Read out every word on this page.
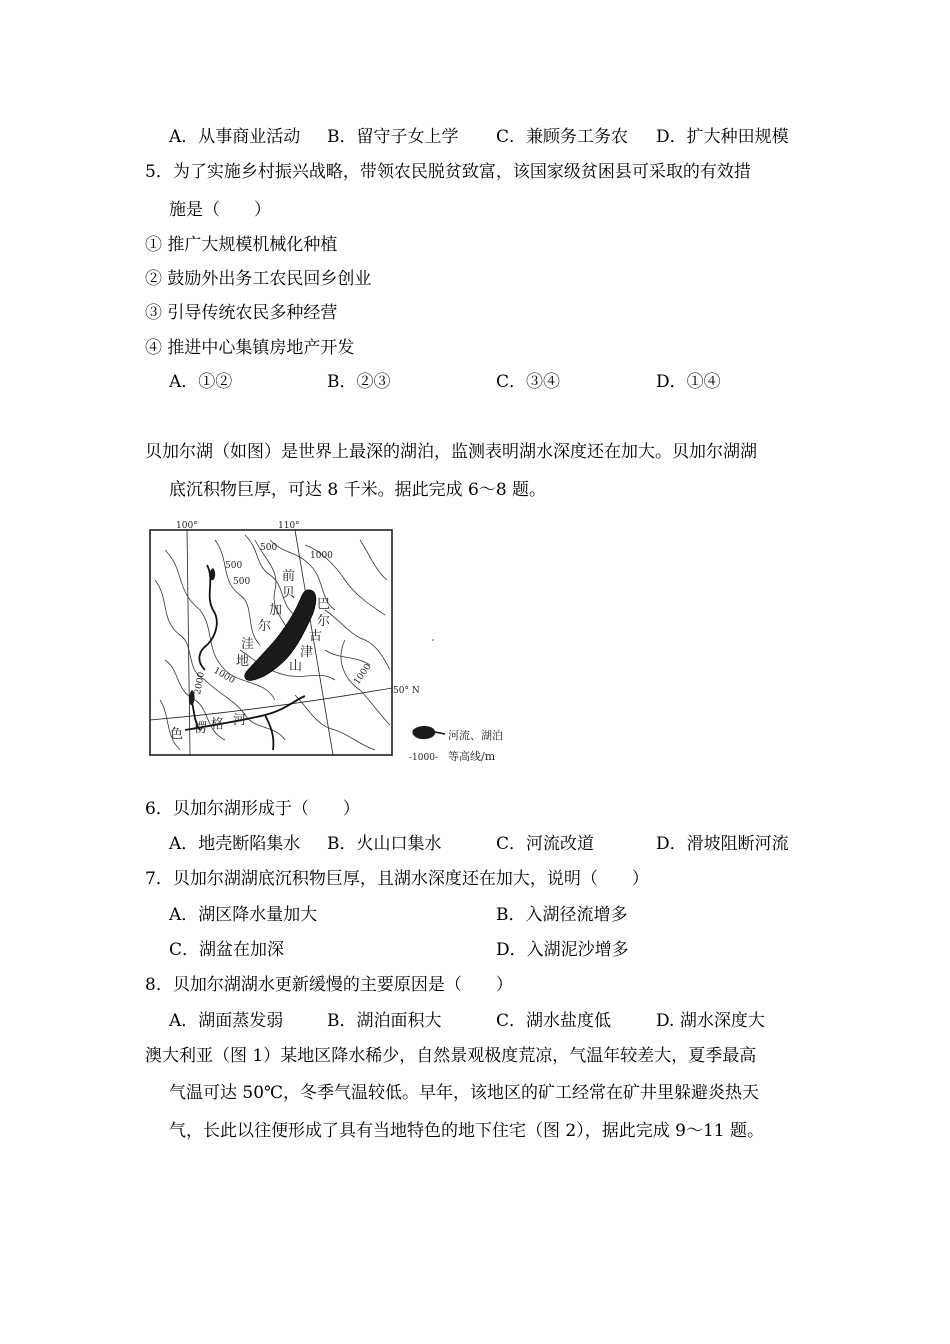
A．从事商业活动 B．留守子女上学 C．兼顾务工务农 D．扩大种田规模
5．为了实施乡村振兴战略，带领农民脱贫致富，该国家级贫困县可采取的有效措
施是（　　）
① 推广大规模机械化种植
② 鼓励外出务工农民回乡创业
③ 引导传统农民多种经营
④ 推进中心集镇房地产开发
A．①②	B．②③	C．③④	D．①④
贝加尔湖（如图）是世界上最深的湖泊，监测表明湖水深度还在加大。贝加尔湖湖
底沉积物巨厚，可达 8 千米。据此完成 6～8 题。
100°	110°
50° N
500
500
500
1000
1000
2000	1000
前
贝
加
尔
洼
地
巴
尔
古
津
山
色 楞 格 河
河流、湖泊
-1000- 等高线/m
6．贝加尔湖形成于（　　）
A．地壳断陷集水 B．火山口集水	C．河流改道	D．滑坡阻断河流
7．贝加尔湖湖底沉积物巨厚，且湖水深度还在加大，说明（　　）
A．湖区降水量加大	B．入湖径流增多
C．湖盆在加深	D．入湖泥沙增多
8．贝加尔湖湖水更新缓慢的主要原因是（　　）
A．湖面蒸发弱	B．湖泊面积大	C．湖水盐度低	D. 湖水深度大
澳大利亚（图 1）某地区降水稀少，自然景观极度荒凉，气温年较差大，夏季最高
气温可达 50℃，冬季气温较低。早年，该地区的矿工经常在矿井里躲避炎热天
气，长此以往便形成了具有当地特色的地下住宅（图 2），据此完成 9～11 题。
